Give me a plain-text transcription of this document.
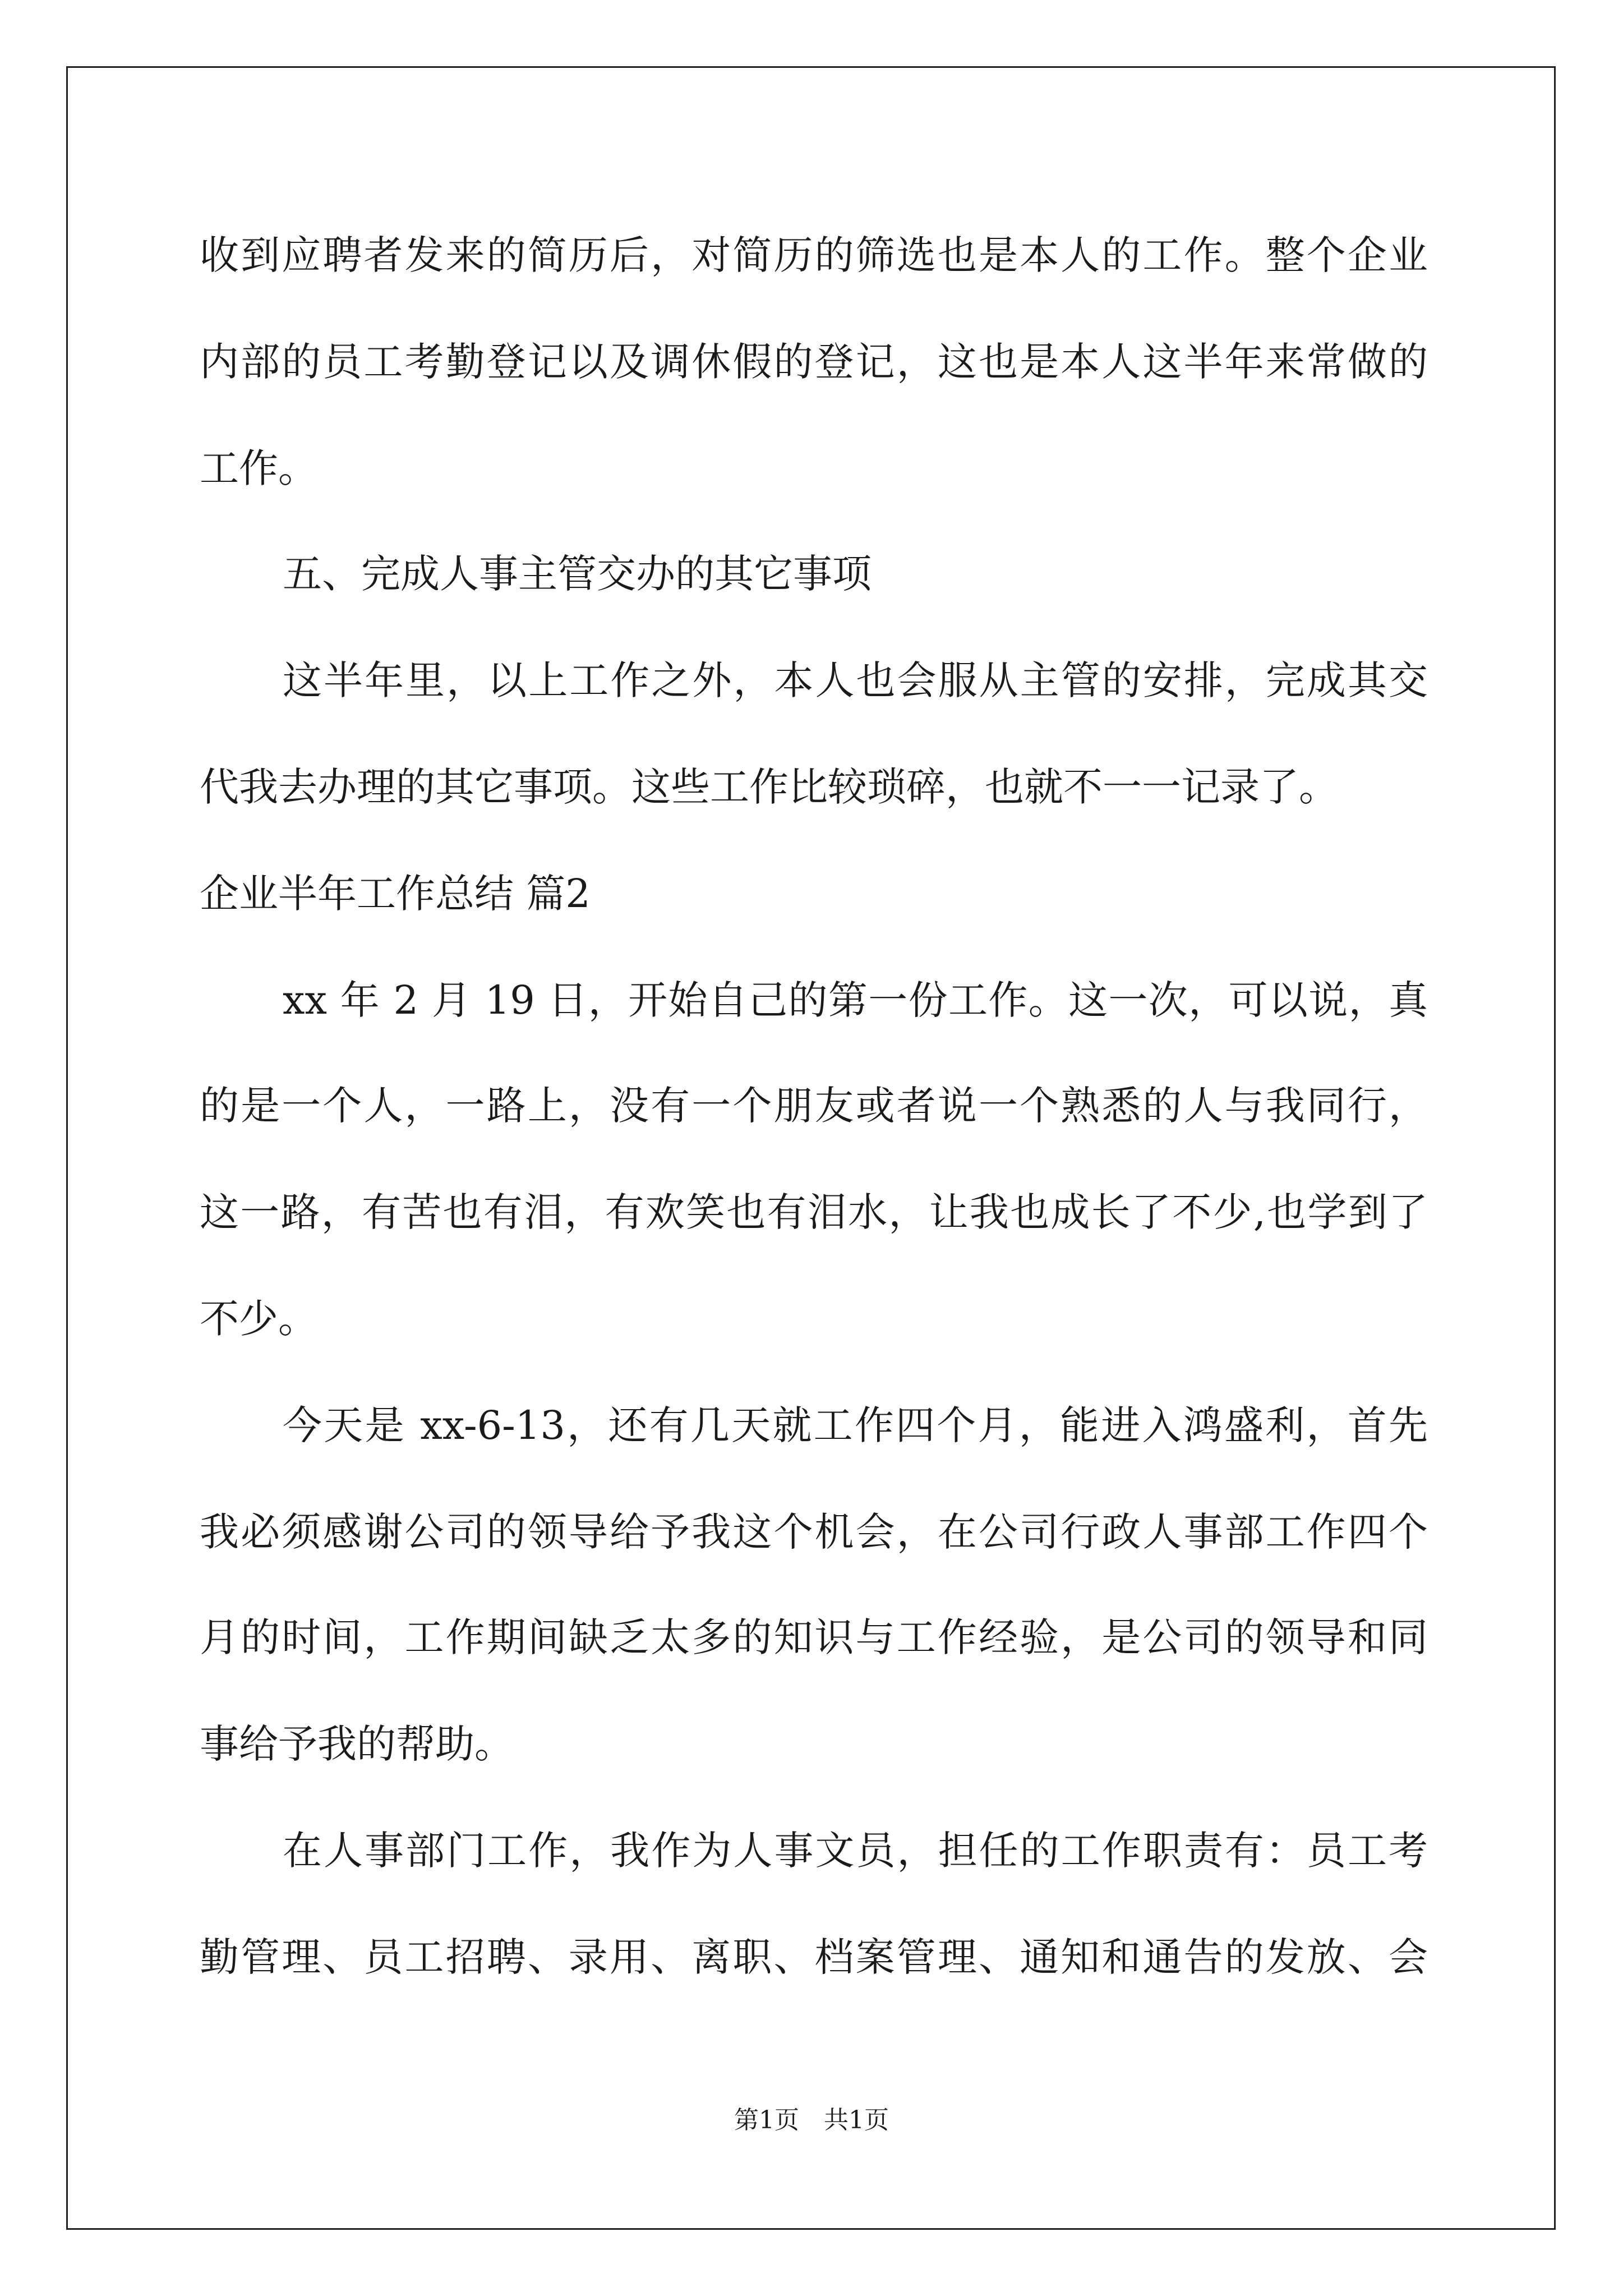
收到应聘者发来的简历后，对简历的筛选也是本人的工作。整个企业
内部的员工考勤登记以及调休假的登记，这也是本人这半年来常做的
工作。
五、完成人事主管交办的其它事项
这半年里，以上工作之外，本人也会服从主管的安排，完成其交
代我去办理的其它事项。这些工作比较琐碎，也就不一一记录了。
企业半年工作总结 篇2
xx 年 2 月 19 日，开始自己的第一份工作。这一次，可以说，真
的是一个人，一路上，没有一个朋友或者说一个熟悉的人与我同行，
这一路，有苦也有泪，有欢笑也有泪水，让我也成长了不少,也学到了
不少。
今天是 xx-6-13，还有几天就工作四个月，能进入鸿盛利，首先
我必须感谢公司的领导给予我这个机会，在公司行政人事部工作四个
月的时间，工作期间缺乏太多的知识与工作经验，是公司的领导和同
事给予我的帮助。
在人事部门工作，我作为人事文员，担任的工作职责有：员工考
勤管理、员工招聘、录用、离职、档案管理、通知和通告的发放、会
第1页 共1页
